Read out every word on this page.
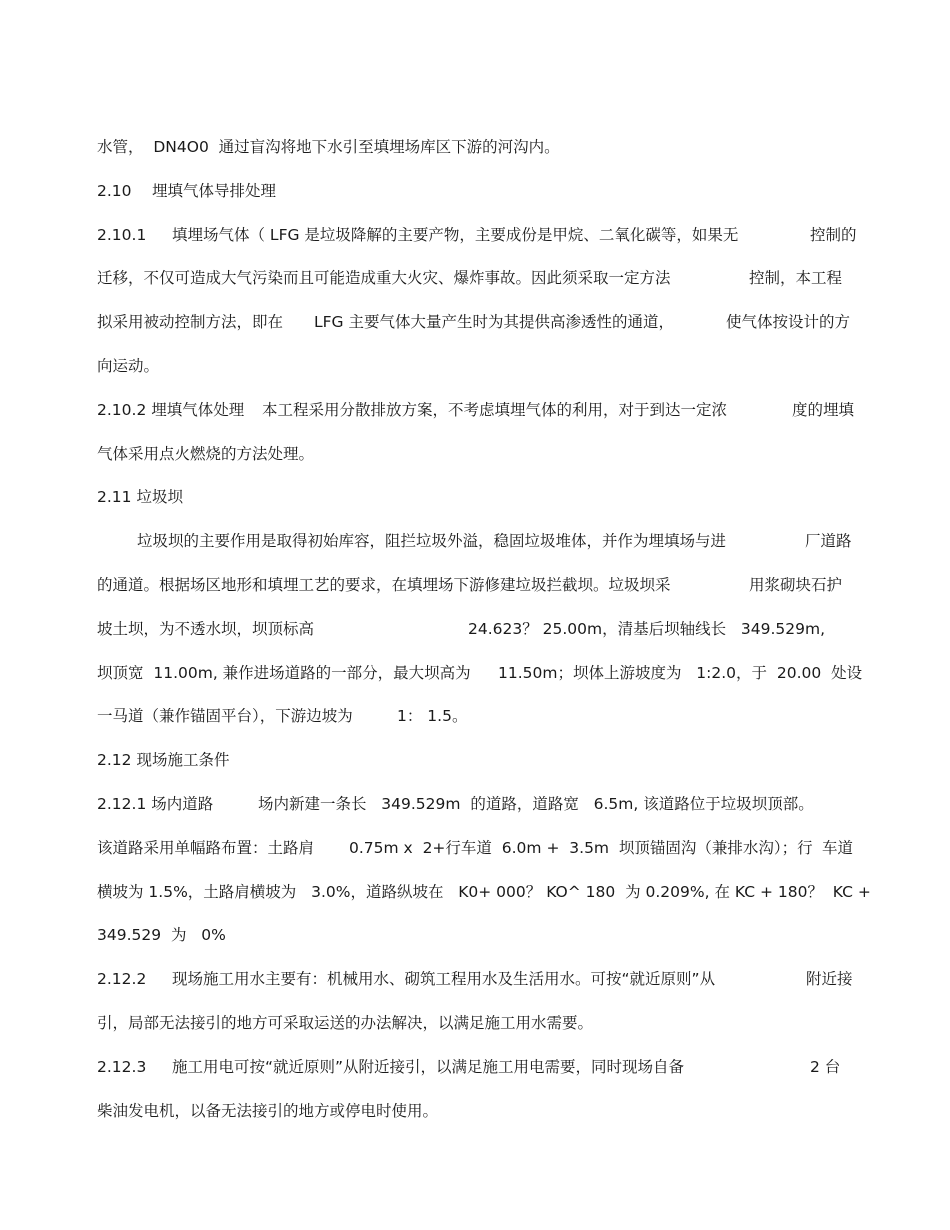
水管，  DN4O0  通过盲沟将地下水引至填埋场库区下游的河沟内。
2.10 埋填气体导排处理
2.10.1 填埋场气体（ LFG 是垃圾降解的主要产物，主要成份是甲烷、二氧化碳等，如果无	控制的
迁移，不仅可造成大气污染而且可能造成重大火灾、爆炸事故。因此须采取一定方法	控制，本工程
拟采用被动控制方法，即在 LFG 主要气体大量产生时为其提供高渗透性的通道，	使气体按设计的方
向运动。
2.10.2 埋填气体处理 本工程采用分散排放方案，不考虑填埋气体的利用，对于到达一定浓	度的埋填
气体采用点火燃烧的方法处理。
2.11 垃圾坝
垃圾坝的主要作用是取得初始库容，阻拦垃圾外溢，稳固垃圾堆体，并作为埋填场与进	厂道路
的通道。根据场区地形和填埋工艺的要求，在填埋场下游修建垃圾拦截坝。垃圾坝采	用浆砌块石护
坡土坝，为不透水坝，坝顶标高	24.623？ 25.00m，清基后坝轴线长   349.529m,
坝顶宽  11.00m, 兼作进场道路的一部分，最大坝高为 11.50m；坝体上游坡度为   1:2.0，于  20.00  处设
一马道（兼作锚固平台），下游边坡为	1： 1.5。
2.12 现场施工条件
2.12.1 场内道路	场内新建一条长   349.529m  的道路，道路宽   6.5m, 该道路位于垃圾坝顶部。
该道路采用单幅路布置：土路肩 0.75m x  2+行车道  6.0m +  3.5m  坝顶锚固沟（兼排水沟）；行 车道
横坡为 1.5%，土路肩横坡为   3.0%，道路纵坡在   K0+ 000？ KO^ 180  为 0.209%, 在 KC + 180？  KC +
349.529  为   0%
2.12.2 现场施工用水主要有：机械用水、砌筑工程用水及生活用水。可按“就近原则”从	附近接
引，局部无法接引的地方可采取运送的办法解决，以满足施工用水需要。
2.12.3 施工用电可按“就近原则”从附近接引，以满足施工用电需要，同时现场自备	2 台
柴油发电机，以备无法接引的地方或停电时使用。
